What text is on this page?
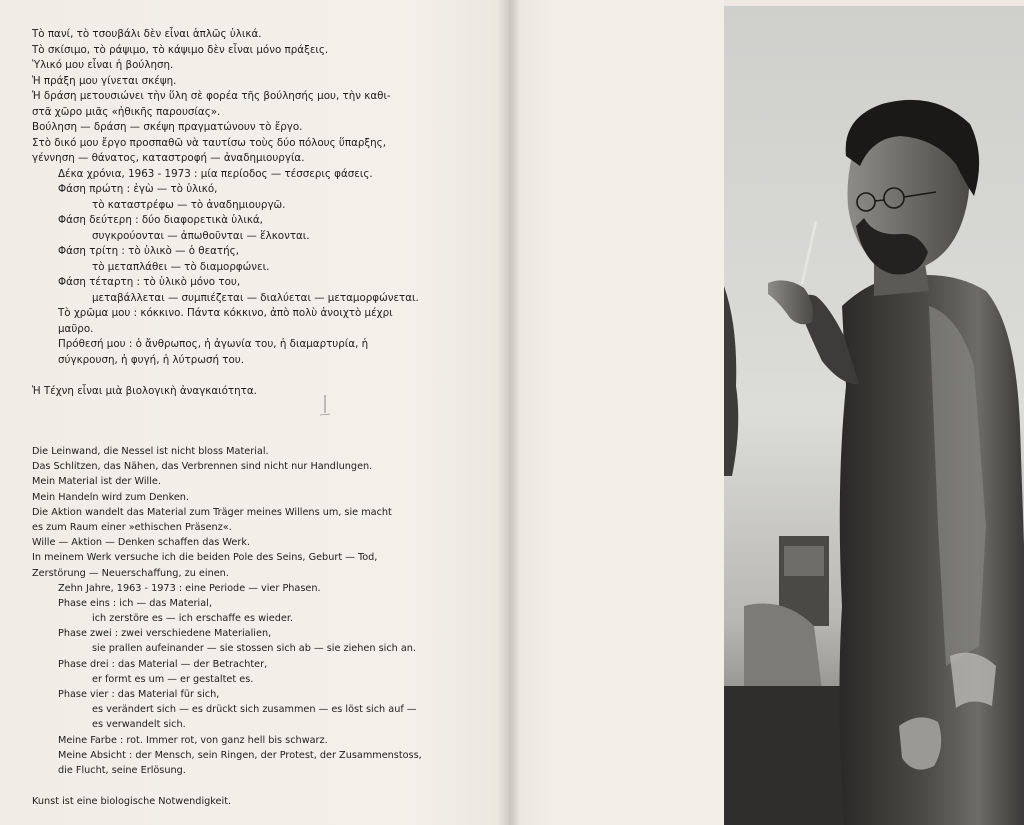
Τὸ πανί, τὸ τσουβάλι δὲν εἶναι ἁπλῶς ὑλικά.
Τὸ σκίσιμο, τὸ ράψιμο, τὸ κάψιμο δὲν εἶναι μόνο πράξεις.
Ὑλικό μου εἶναι ἡ βούληση.
Ἡ πράξη μου γίνεται σκέψη.
Ἡ δράση μετουσιώνει τὴν ὕλη σὲ φορέα τῆς βούλησής μου, τὴν καθι-
στᾶ χῶρο μιᾶς «ἠθικῆς παρουσίας».
Βούληση — δράση — σκέψη πραγματώνουν τὸ ἔργο.
Στὸ δικό μου ἔργο προσπαθῶ νὰ ταυτίσω τοὺς δύο πόλους ὕπαρξης,
γέννηση — θάνατος, καταστροφή — ἀναδημιουργία.
Δέκα χρόνια, 1963 - 1973 : μία περίοδος — τέσσερις φάσεις.
Φάση πρώτη : ἐγὼ — τὸ ὑλικό,
τὸ καταστρέφω — τὸ ἀναδημιουργῶ.
Φάση δεύτερη : δύο διαφορετικὰ ὑλικά,
συγκρούονται — ἀπωθοῦνται — ἕλκονται.
Φάση τρίτη : τὸ ὑλικὸ — ὁ θεατής,
τὸ μεταπλάθει — τὸ διαμορφώνει.
Φάση τέταρτη : τὸ ὑλικὸ μόνο του,
μεταβάλλεται — συμπιέζεται — διαλύεται — μεταμορφώνεται.
Τὸ χρῶμα μου : κόκκινο. Πάντα κόκκινο, ἀπὸ πολὺ ἀνοιχτὸ μέχρι
μαῦρο.
Πρόθεσή μου : ὁ ἄνθρωπος, ἡ ἀγωνία του, ἡ διαμαρτυρία, ἡ
σύγκρουση, ἡ φυγή, ἡ λύτρωσή του.
Ἡ Τέχνη εἶναι μιὰ βιολογικὴ ἀναγκαιότητα.
Die Leinwand, die Nessel ist nicht bloss Material.
Das Schlitzen, das Nähen, das Verbrennen sind nicht nur Handlungen.
Mein Material ist der Wille.
Mein Handeln wird zum Denken.
Die Aktion wandelt das Material zum Träger meines Willens um, sie macht
es zum Raum einer »ethischen Präsenz«.
Wille — Aktion — Denken schaffen das Werk.
In meinem Werk versuche ich die beiden Pole des Seins, Geburt — Tod,
Zerstörung — Neuerschaffung, zu einen.
Zehn Jahre, 1963 - 1973 : eine Periode — vier Phasen.
Phase eins : ich — das Material,
ich zerstöre es — ich erschaffe es wieder.
Phase zwei : zwei verschiedene Materialien,
sie prallen aufeinander — sie stossen sich ab — sie ziehen sich an.
Phase drei : das Material — der Betrachter,
er formt es um — er gestaltet es.
Phase vier : das Material für sich,
es verändert sich — es drückt sich zusammen — es löst sich auf —
es verwandelt sich.
Meine Farbe : rot. Immer rot, von ganz hell bis schwarz.
Meine Absicht : der Mensch, sein Ringen, der Protest, der Zusammenstoss,
die Flucht, seine Erlösung.
Kunst ist eine biologische Notwendigkeit.
